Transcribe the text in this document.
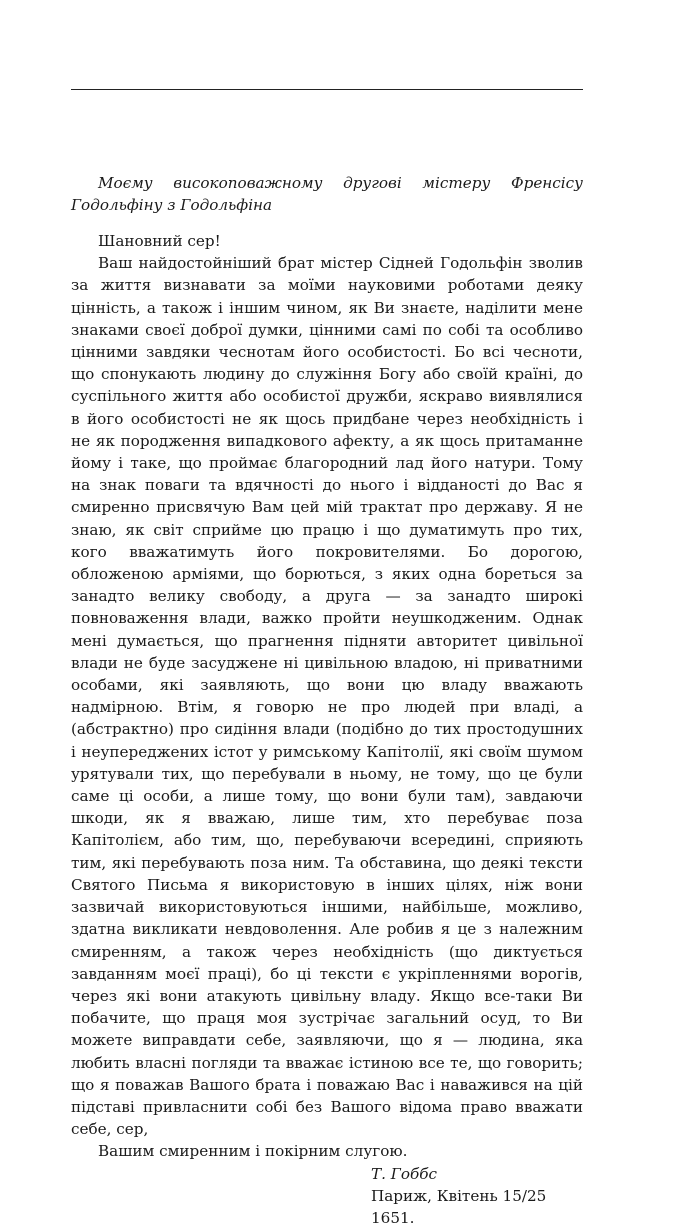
Моєму високоповажному другові містеру Френсісу Годольфіну з Годольфіна

Шановний сер!

Ваш найдостойніший брат містер Сідней Годольфін зволив за життя визнавати за моїми науковими роботами деяку цінність, а також і іншим чином, як Ви знаєте, наділити мене знаками своєї доброї думки, цінними самі по собі та особливо цінними завдяки чеснотам його особистості. Бо всі чесноти, що спонукають людину до служіння Богу або своїй країні, до суспільного життя або особистої дружби, яскраво виявлялися в його особистості не як щось придбане через необхідність і не як породження випадкового афекту, а як щось притаманне йому і таке, що проймає благородний лад його натури. Тому на знак поваги та вдячності до нього і відданості до Вас я смиренно присвячую Вам цей мій трактат про державу. Я не знаю, як світ сприйме цю працю і що думатимуть про тих, кого вважатимуть його покровителями. Бо дорогою, обложеною арміями, що борються, з яких одна бореться за занадто велику свободу, а друга — за занадто широкі повноваження влади, важко пройти неушкодженим. Однак мені думається, що прагнення підняти авторитет цивільної влади не буде засуджене ні цивільною владою, ні приватними особами, які заявляють, що вони цю владу вважають надмірною. Втім, я говорю не про людей при владі, а (абстрактно) про сидіння влади (подібно до тих простодушних і неупереджених істот у римському Капітолії, які своїм шумом урятували тих, що перебували в ньому, не тому, що це були саме ці особи, а лише тому, що вони були там), завдаючи шкоди, як я вважаю, лише тим, хто перебуває поза Капітолієм, або тим, що, перебуваючи всередині, сприяють тим, які перебувають поза ним. Та обставина, що деякі тексти Святого Письма я використовую в інших цілях, ніж вони зазвичай використовуються іншими, найбільше, можливо, здатна викликати невдоволення. Але робив я це з належним смиренням, а також через необхідність (що диктується завданням моєї праці), бо ці тексти є укріпленнями ворогів, через які вони атакують цивільну владу. Якщо все-таки Ви побачите, що праця моя зустрічає загальний осуд, то Ви можете виправдати себе, заявляючи, що я — людина, яка любить власні погляди та вважає істиною все те, що говорить; що я поважав Вашого брата і поважаю Вас і наважився на цій підставі привласнити собі без Вашого відома право вважати себе, сер,

Вашим смиренним і покірним слугою.

Т. Гоббс

Париж, Квітень 15/25 1651.
